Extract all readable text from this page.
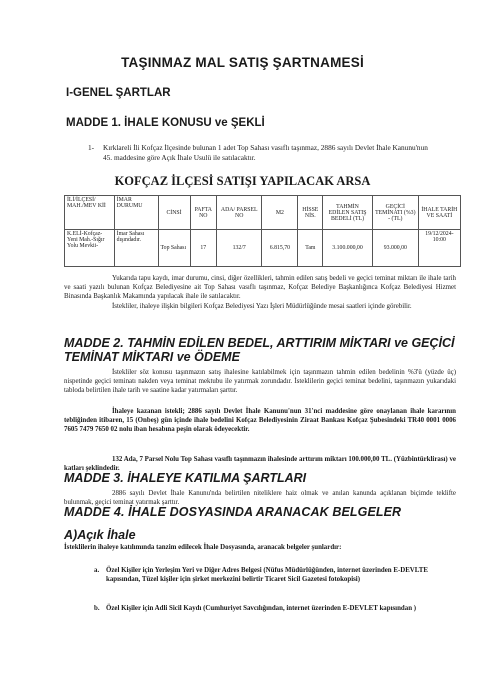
TAŞINMAZ MAL SATIŞ ŞARTNAMESİ
I-GENEL ŞARTLAR
MADDE 1. İHALE KONUSU ve ŞEKLİ
1-	Kırklareli İli Kofçaz İlçesinde bulunan 1 adet Top Sahası vasıflı taşınmaz, 2886 sayılı Devlet İhale Kanunu'nun 45. maddesine göre Açık İhale Usulü ile satılacaktır.
KOFÇAZ İLÇESİ SATIŞI YAPILACAK ARSA
İLİ/İLÇESİ/ MAH./MEV Kİİ	İMAR DURUMU	CİNSİ	PAFTA NO	ADA/ PARSEL NO	M2	HİSSE NİS.	TAHMİN EDİLEN SATIŞ BEDELİ (TL)	GEÇİCİ TEMİNATI (%3) - (TL)	İHALE TARİH VE SAATİ
K.ELİ-Kofçaz-Yeni Mah.-Sığır Yolu Mevkii-	İmar Sahası dışındadır.	Top Sahası	17	132/7	6.815,70	Tam	3.100.000,00	93.000,00	19/12/2024-10:00
Yukarıda tapu kaydı, imar durumu, cinsi, diğer özellikleri, tahmin edilen satış bedeli ve geçici teminat miktarı ile ihale tarih ve saati yazılı bulunan Kofçaz Belediyesine ait Top Sahası vasıflı taşınmaz, Kofçaz Belediye Başkanlığınca Kofçaz Belediyesi Hizmet Binasında Başkanlık Makamında yapılacak ihale ile satılacaktır.
İstekliler, ihaleye ilişkin bilgileri Kofçaz Belediyesi Yazı İşleri Müdürlüğünde mesai saatleri içinde görebilir.
MADDE 2. TAHMİN EDİLEN BEDEL, ARTTIRIM MİKTARI ve GEÇİCİ TEMİNAT MİKTARI ve ÖDEME
İstekliler söz konusu taşınmazın satış ihalesine katılabilmek için taşınmazın tahmin edilen bedelinin %3'ü (yüzde üç) nispetinde geçici teminatı nakden veya teminat mektubu ile yatırmak zorundadır. İsteklilerin geçici teminat bedelini, taşınmazın yukarıdaki tabloda belirtilen ihale tarih ve saatine kadar yatırmaları şarttır.
İhaleye kazanan istekli; 2886 sayılı Devlet İhale Kanunu'nun 31'nci maddesine göre onaylanan ihale kararının tebliğinden itibaren, 15 (Onbeş) gün içinde ihale bedelini Kofçaz Belediyesinin Ziraat Bankası Kofçaz Şubesindeki TR40 0001 0006 7605 7479 7650 02 nolu iban hesabına peşin olarak ödeyecektir.
132 Ada, 7 Parsel Nolu Top Sahası vasıflı taşınmazın ihalesinde arttırım miktarı 100.000,00 TL. (Yüzbintürklirası) ve katları şeklindedir.
MADDE 3. İHALEYE KATILMA ŞARTLARI
2886 sayılı Devlet İhale Kanunu'nda belirtilen niteliklere haiz olmak ve anılan kanunda açıklanan biçimde teklifte bulunmak, geçici teminat yatırmak şarttır.
MADDE 4. İHALE DOSYASINDA ARANACAK BELGELER
A)Açık İhale
İsteklilerin ihaleye katılımında tanzim edilecek İhale Dosyasında, aranacak belgeler şunlardır:
a. Özel Kişiler için Yerleşim Yeri ve Diğer Adres Belgesi (Nüfus Müdürlüğünden, internet üzerinden E-DEVLTE kapısından, Tüzel kişiler için şirket merkezini belirtir Ticaret Sicil Gazetesi fotokopisi)
b. Özel Kişiler için Adli Sicil Kaydı (Cumhuriyet Savcılığından, internet üzerinden E-DEVLET kapısından )
